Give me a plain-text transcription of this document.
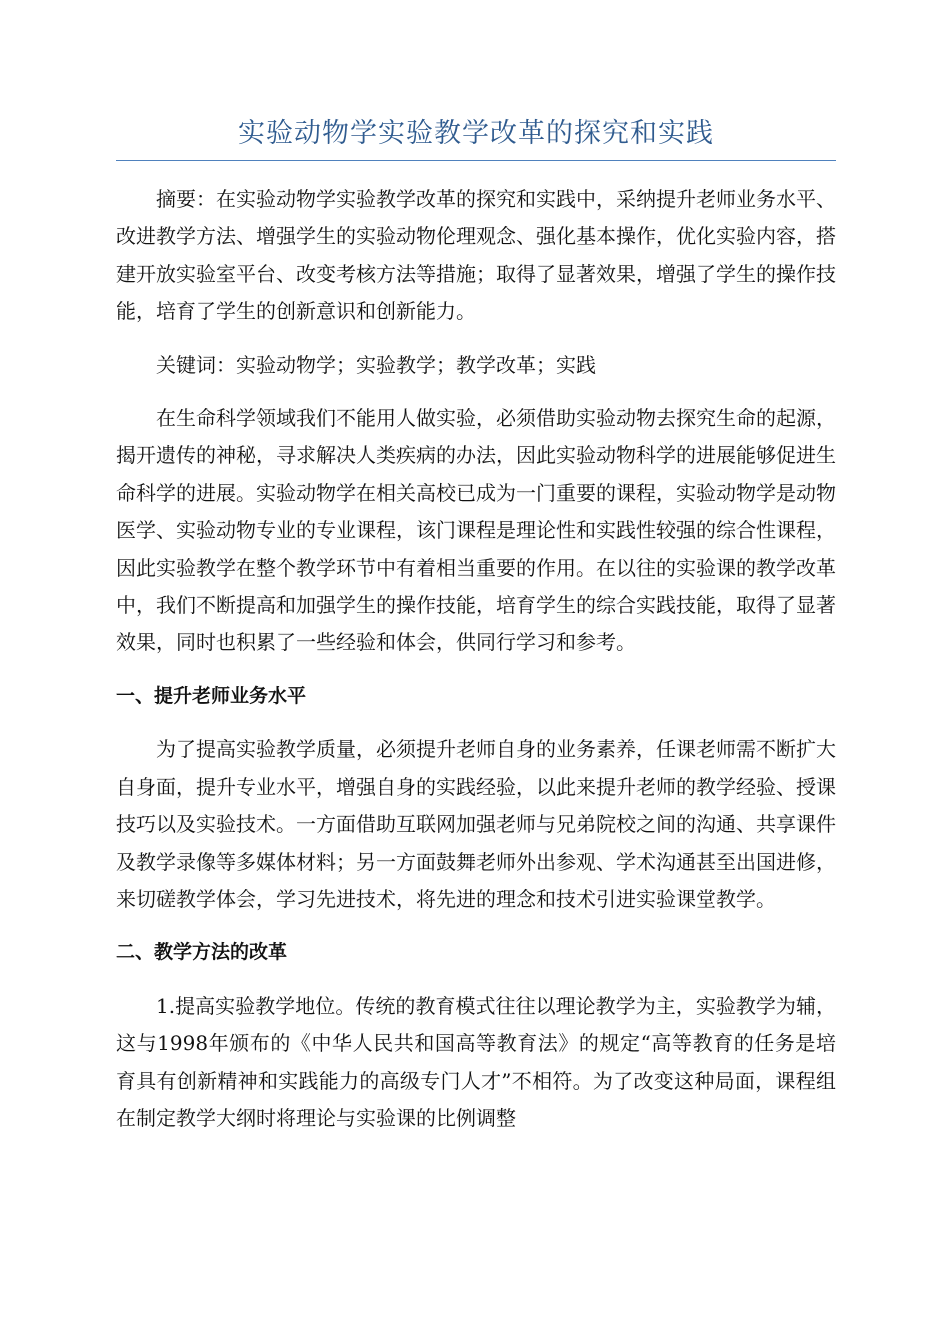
实验动物学实验教学改革的探究和实践

摘要：在实验动物学实验教学改革的探究和实践中，采纳提升老师业务水平、改进教学方法、增强学生的实验动物伦理观念、强化基本操作，优化实验内容，搭建开放实验室平台、改变考核方法等措施；取得了显著效果，增强了学生的操作技能，培育了学生的创新意识和创新能力。

关键词：实验动物学；实验教学；教学改革；实践

在生命科学领域我们不能用人做实验，必须借助实验动物去探究生命的起源，揭开遗传的神秘，寻求解决人类疾病的办法，因此实验动物科学的进展能够促进生命科学的进展。实验动物学在相关高校已成为一门重要的课程，实验动物学是动物医学、实验动物专业的专业课程，该门课程是理论性和实践性较强的综合性课程，因此实验教学在整个教学环节中有着相当重要的作用。在以往的实验课的教学改革中，我们不断提高和加强学生的操作技能，培育学生的综合实践技能，取得了显著效果，同时也积累了一些经验和体会，供同行学习和参考。

一、提升老师业务水平

为了提高实验教学质量，必须提升老师自身的业务素养，任课老师需不断扩大自身面，提升专业水平，增强自身的实践经验，以此来提升老师的教学经验、授课技巧以及实验技术。一方面借助互联网加强老师与兄弟院校之间的沟通、共享课件及教学录像等多媒体材料；另一方面鼓舞老师外出参观、学术沟通甚至出国进修，来切磋教学体会，学习先进技术，将先进的理念和技术引进实验课堂教学。

二、教学方法的改革

1.提高实验教学地位。传统的教育模式往往以理论教学为主，实验教学为辅，这与1998年颁布的《中华人民共和国高等教育法》的规定“高等教育的任务是培育具有创新精神和实践能力的高级专门人才”不相符。为了改变这种局面，课程组在制定教学大纲时将理论与实验课的比例调整
